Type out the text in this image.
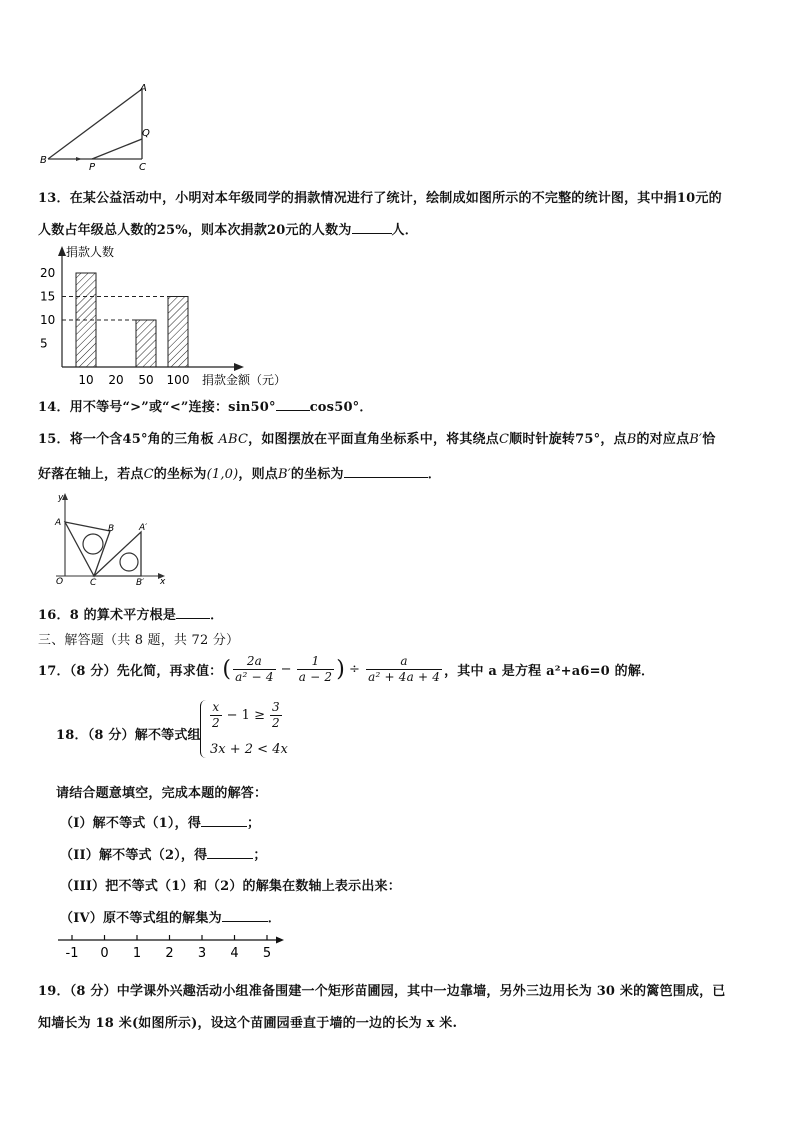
B
A
C
P
Q
13．在某公益活动中，小明对本年级同学的捐款情况进行了统计，绘制成如图所示的不完整的统计图，其中捐10元的
人数占年级总人数的25%，则本次捐款20元的人数为	人．
捐款人数
捐款金额（元）
5
10
15
20
10 20 50 100
14．用不等号“>”或“<”连接：sin50°	cos50°．
15．将一个含45°角的三角板 ABC，如图摆放在平面直角坐标系中，将其绕点C顺时针旋转75°，点B的对应点B′恰
好落在轴上，若点C的坐标为(1,0)，则点B′的坐标为	．
y
x
O
A
B
C
A′
B′
16．8 的算术平方根是	．
三、解答题（共 8 题，共 72 分）
17．（8 分）先化简，再求值： ( $\frac{2a}{\text{a² − 4}} - \frac{1}{a - 2}$ ) ÷ $\frac{a}{\text{a² + 4a + 4}}$ ，其中 a 是方程 a²+a6=0 的解．
18．（8 分）解不等式组
$\frac{x}{2} - 1 \ge \frac{3}{2}$
3x + 2 < 4x
请结合题意填空，完成本题的解答：
（I）解不等式（1），得	；
（II）解不等式（2），得	；
（III）把不等式（1）和（2）的解集在数轴上表示出来：
（IV）原不等式组的解集为	．
-1 0 1 2 3 4 5
19．（8 分）中学课外兴趣活动小组准备围建一个矩形苗圃园，其中一边靠墙，另外三边用长为 30 米的篱笆围成，已
知墙长为 18 米(如图所示)，设这个苗圃园垂直于墙的一边的长为 x 米.
